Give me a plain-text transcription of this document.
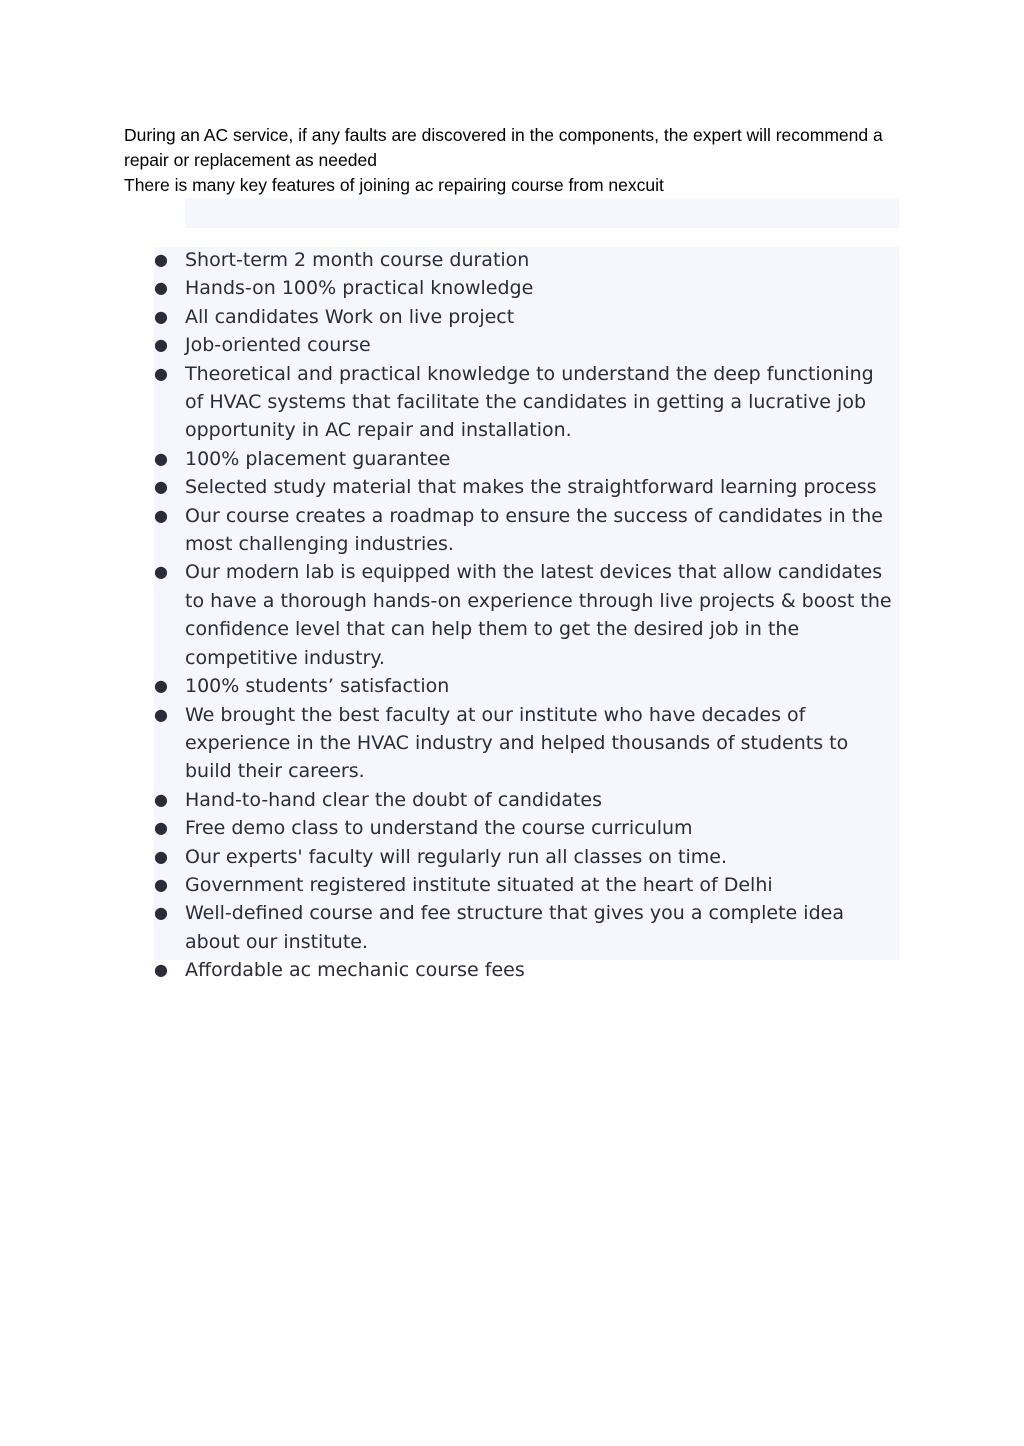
During an AC service, if any faults are discovered in the components, the expert will recommend a repair or replacement as needed

There is many key features of joining ac repairing course from nexcuit

● Short-term 2 month course duration
● Hands-on 100% practical knowledge
● All candidates Work on live project
● Job-oriented course
● Theoretical and practical knowledge to understand the deep functioning of HVAC systems that facilitate the candidates in getting a lucrative job opportunity in AC repair and installation.
● 100% placement guarantee
● Selected study material that makes the straightforward learning process
● Our course creates a roadmap to ensure the success of candidates in the most challenging industries.
● Our modern lab is equipped with the latest devices that allow candidates to have a thorough hands-on experience through live projects & boost the confidence level that can help them to get the desired job in the competitive industry.
● 100% students’ satisfaction
● We brought the best faculty at our institute who have decades of experience in the HVAC industry and helped thousands of students to build their careers.
● Hand-to-hand clear the doubt of candidates
● Free demo class to understand the course curriculum
● Our experts' faculty will regularly run all classes on time.
● Government registered institute situated at the heart of Delhi
● Well-defined course and fee structure that gives you a complete idea about our institute.
● Affordable ac mechanic course fees
